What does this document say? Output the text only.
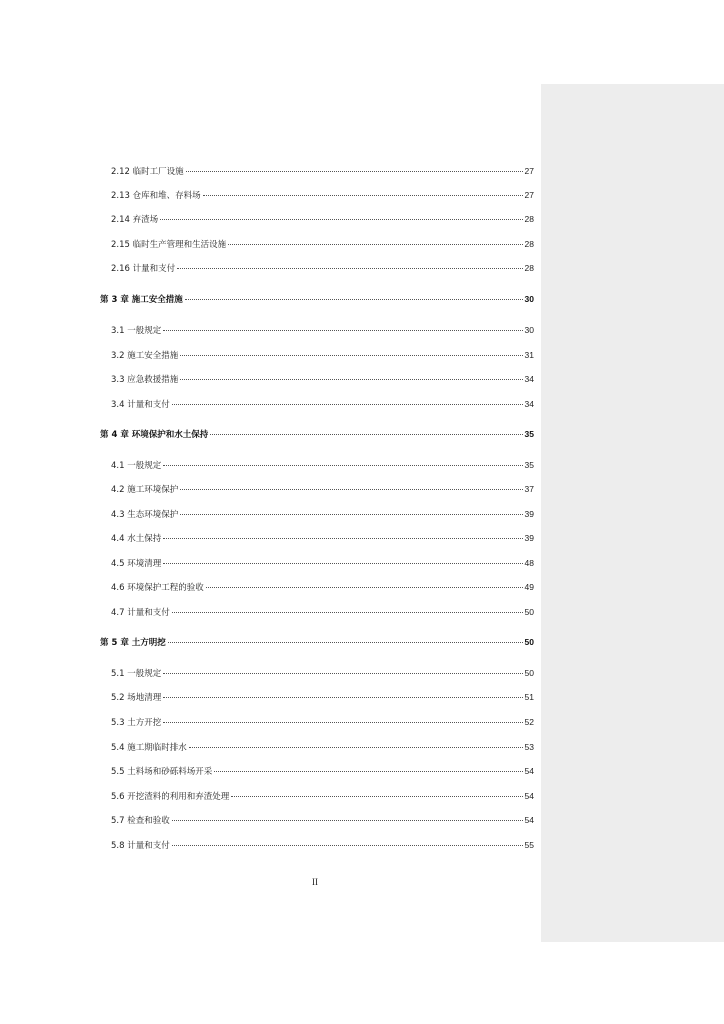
2.12 临时工厂设施	27
2.13 仓库和堆、存料场	27
2.14 弃渣场	28
2.15 临时生产管理和生活设施	28
2.16 计量和支付	28
第 3 章 施工安全措施	30
3.1 一般规定	30
3.2 施工安全措施	31
3.3 应急救援措施	34
3.4 计量和支付	34
第 4 章 环境保护和水土保持	35
4.1 一般规定	35
4.2 施工环境保护	37
4.3 生态环境保护	39
4.4 水土保持	39
4.5 环境清理	48
4.6 环境保护工程的验收	49
4.7 计量和支付	50
第 5 章 土方明挖	50
5.1 一般规定	50
5.2 场地清理	51
5.3 土方开挖	52
5.4 施工期临时排水	53
5.5 土料场和砂砾料场开采	54
5.6 开挖渣料的利用和弃渣处理	54
5.7 检查和验收	54
5.8 计量和支付	55
II
